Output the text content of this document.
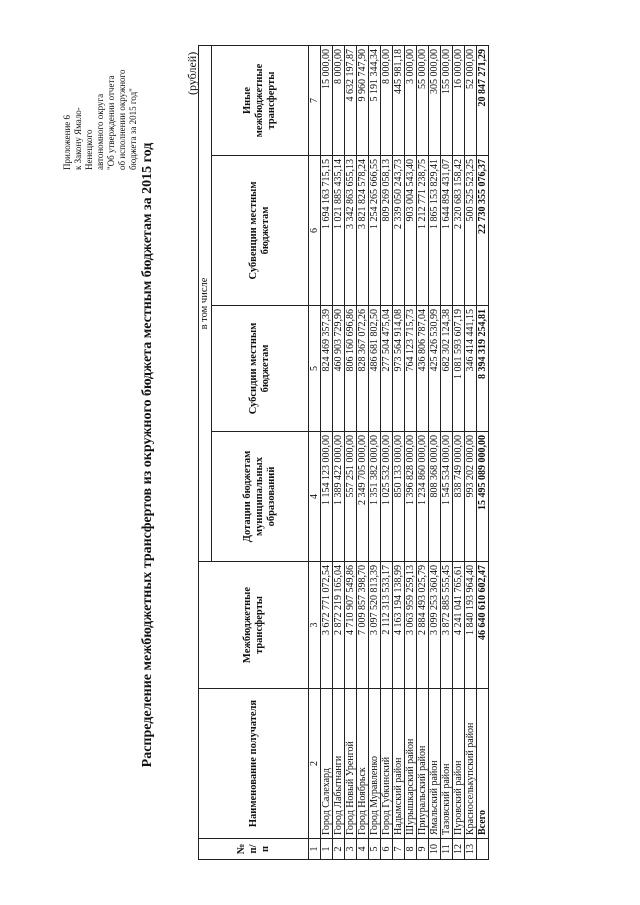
Приложение 6 к Закону Ямало- Ненецкого автономного округа "Об утверждении отчета об исполнении окружного бюджета за 2015 год"
Распределение межбюджетных трансфертов из окружного бюджета местным бюджетам за 2015 год
(рублей)
№ п/п	Наименование получателя	Межбюджетные трансферты	в том числе			
			Дотации бюджетам муниципальных образований	Субсидии местным бюджетам	Субвенции местным бюджетам	Иные межбюджетные трансферты
1	2	3	4	5	6	7
1	Город Салехард	3 672 771 072,54	1 154 123 000,00	824 469 357,39	1 694 163 715,15	15 000,00
2	Город Лабытнанги	2 872 219 165,04	1 389 422 000,00	460 903 729,90	1 021 885 435,14	8 000,00
3	Город Новый Уренгой	4 710 907 549,86	557 251 000,00	806 160 696,86	3 342 863 655,13	4 632 197,87
4	Город Ноябрьск	7 009 857 398,70	2 349 705 000,00	828 367 072,26	3 821 824 578,24	9 960 747,90
5	Город Муравленко	3 097 520 813,39	1 351 382 000,00	486 681 802,50	1 254 265 666,55	5 191 344,34
6	Город Губкинский	2 112 313 533,17	1 025 532 000,00	277 504 475,04	809 269 058,13	8 000,00
7	Надымский район	4 163 194 138,99	850 133 000,00	973 564 914,08	2 339 050 243,73	445 981,18
8	Шурышкарский район	3 063 959 259,13	1 396 828 000,00	764 123 715,73	903 004 543,40	3 000,00
9	Приуральский район	2 884 493 025,79	1 234 860 000,00	436 806 787,04	1 212 771 238,75	55 000,00
10	Ямальский район	3 099 253 360,40	808 368 000,00	425 426 530,99	1 865 153 829,41	305 000,00
11	Тазовский район	3 872 885 555,45	1 545 534 000,00	682 302 124,38	1 644 894 431,07	155 000,00
12	Пуровский район	4 241 041 765,61	838 749 000,00	1 081 593 607,19	2 320 683 158,42	16 000,00
13	Красноселькупский район	1 840 193 964,40	993 202 000,00	346 414 441,15	500 525 523,25	52 000,00
	Всего	46 640 610 602,47	15 495 089 000,00	8 394 319 254,81	22 730 355 076,37	20 847 271,29
